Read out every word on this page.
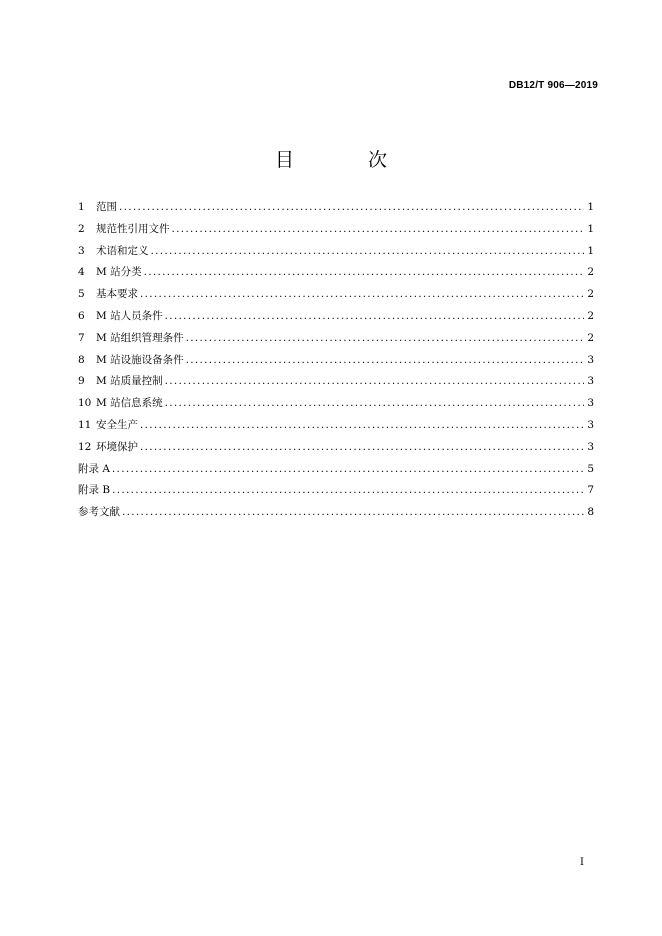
DB12/T 906—2019
目 次
1	范围 .....	1
2	规范性引用文件 .....	1
3	术语和定义 .....	1
4	M 站分类 .....	2
5	基本要求 .....	2
6	M 站人员条件 .....	2
7	M 站组织管理条件 .....	2
8	M 站设施设备条件 .....	3
9	M 站质量控制 .....	3
10 M 站信息系统 .....	3
11 安全生产 .....	3
12 环境保护 .....	3
附录 A .....	5
附录 B .....	7
参考文献 .....	8
I
